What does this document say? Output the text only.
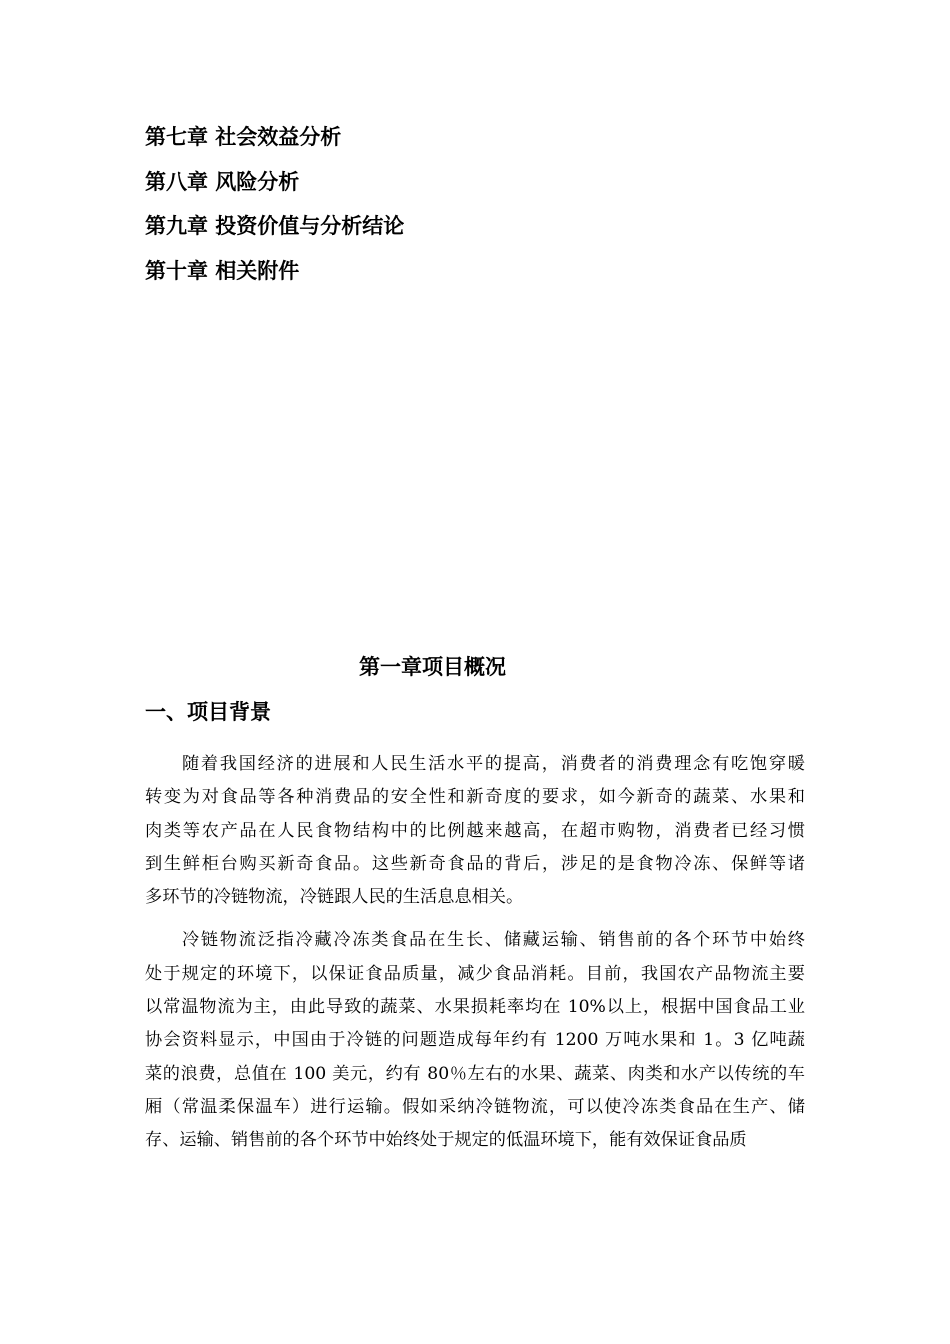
第七章 社会效益分析
第八章 风险分析
第九章 投资价值与分析结论
第十章 相关附件
第一章项目概况
一、项目背景
随着我国经济的进展和人民生活水平的提高，消费者的消费理念有吃饱穿暖
转变为对食品等各种消费品的安全性和新奇度的要求，如今新奇的蔬菜、水果和
肉类等农产品在人民食物结构中的比例越来越高，在超市购物，消费者已经习惯
到生鲜柜台购买新奇食品。这些新奇食品的背后，涉足的是食物冷冻、保鲜等诸
多环节的冷链物流，冷链跟人民的生活息息相关。
冷链物流泛指冷藏冷冻类食品在生长、储藏运输、销售前的各个环节中始终
处于规定的环境下，以保证食品质量，减少食品消耗。目前，我国农产品物流主要
以常温物流为主，由此导致的蔬菜、水果损耗率均在 10%以上，根据中国食品工业
协会资料显示，中国由于冷链的问题造成每年约有 1200 万吨水果和 1。3 亿吨蔬
菜的浪费，总值在 100 美元，约有 80％左右的水果、蔬菜、肉类和水产以传统的车
厢（常温柔保温车）进行运输。假如采纳冷链物流，可以使冷冻类食品在生产、储
存、运输、销售前的各个环节中始终处于规定的低温环境下，能有效保证食品质
